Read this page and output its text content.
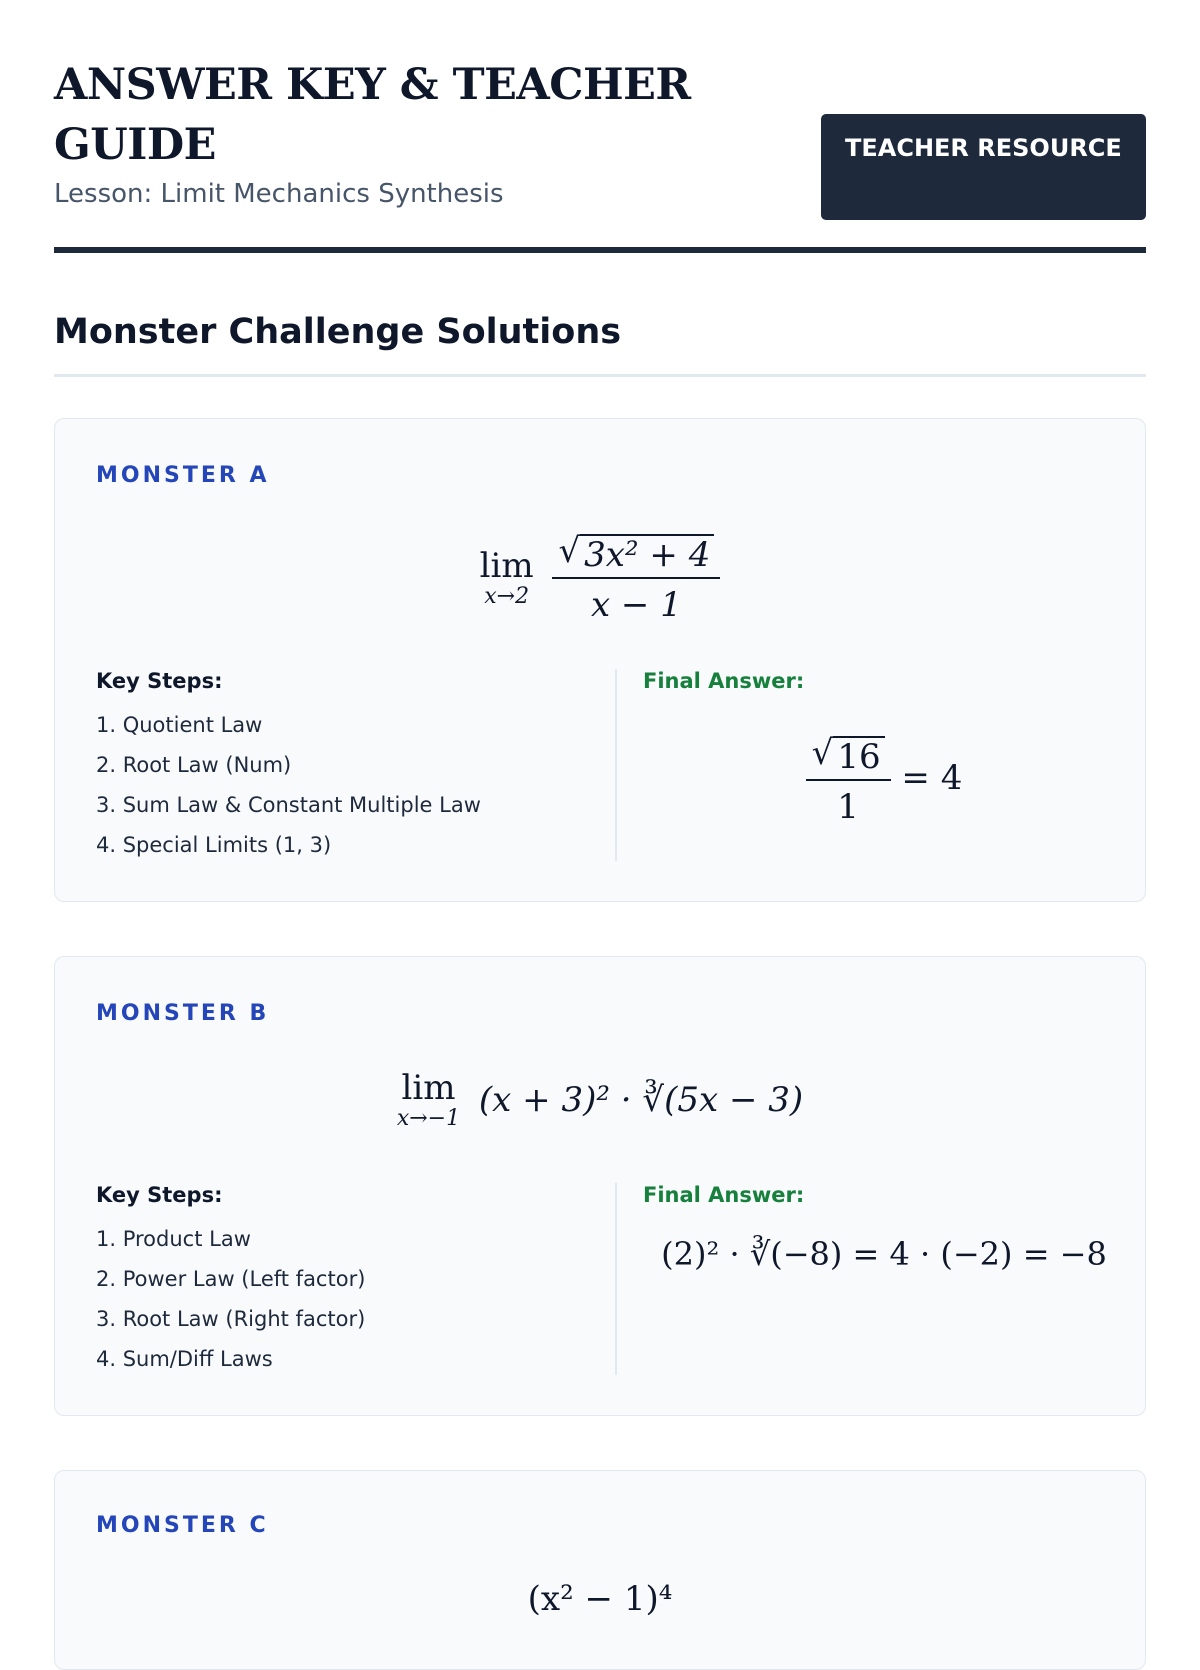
ANSWER KEY & TEACHER GUIDE
Lesson: Limit Mechanics Synthesis
TEACHER RESOURCE
Monster Challenge Solutions
MONSTER A
lim
x→2
$\frac{\text{√ 3x² + 4}}{x - 1}$
Key Steps:
1. Quotient Law
2. Root Law (Num)
3. Sum Law & Constant Multiple Law
4. Special Limits (1, 3)
Final Answer:
$\frac{√ 16}{1} = 4$
MONSTER B
lim
x→−1 (x + 3)² · ∛(5x − 3)
Key Steps:
1. Product Law
2. Power Law (Left factor)
3. Root Law (Right factor)
4. Sum/Diff Laws
Final Answer:
(2)² · ∛(−8) = 4 · (−2) = −8
MONSTER C
(x² − 1)⁴
